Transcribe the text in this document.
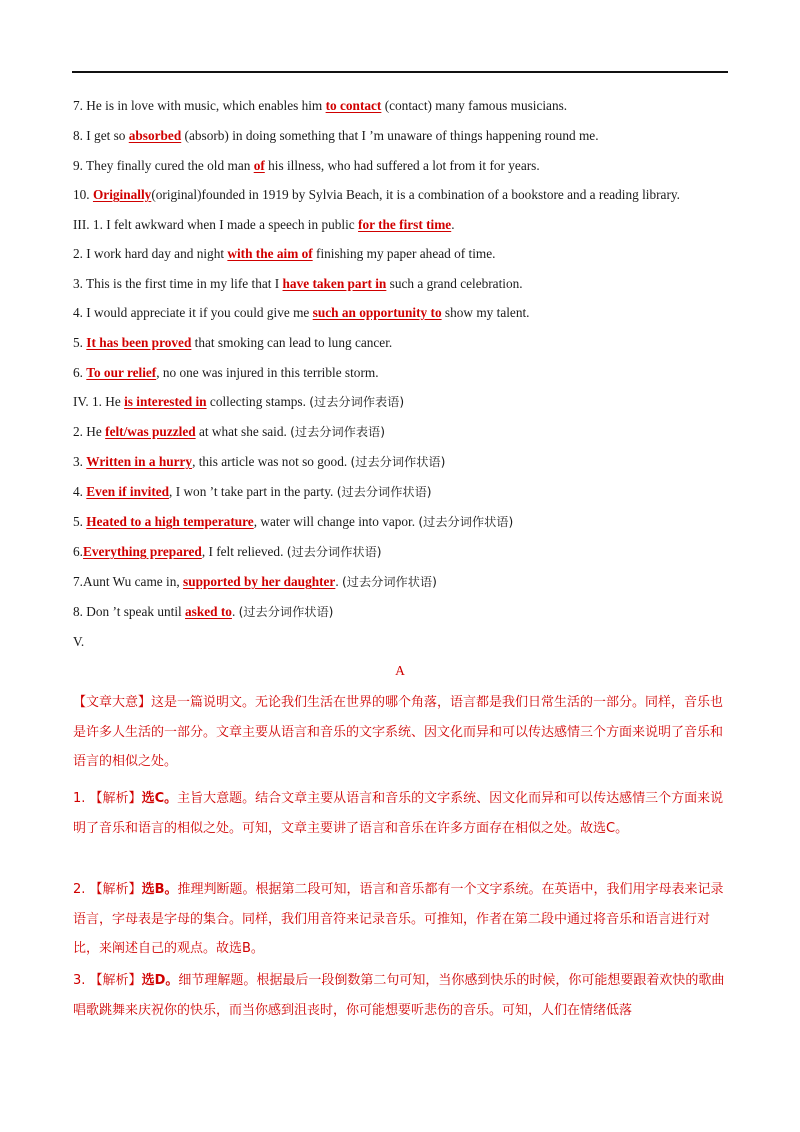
7. He is in love with music, which enables him to contact (contact) many famous musicians.
8. I get so absorbed (absorb) in doing something that I ’m unaware of things happening round me.
9. They finally cured the old man of his illness, who had suffered a lot from it for years.
10. Originally(original)founded in 1919 by Sylvia Beach, it is a combination of a bookstore and a reading library.
III. 1. I felt awkward when I made a speech in public for the first time.
2. I work hard day and night with the aim of finishing my paper ahead of time.
3. This is the first time in my life that I have taken part in such a grand celebration.
4. I would appreciate it if you could give me such an opportunity to show my talent.
5. It has been proved that smoking can lead to lung cancer.
6. To our relief, no one was injured in this terrible storm.
IV. 1. He is interested in collecting stamps. (过去分词作表语)
2. He felt/was puzzled at what she said. (过去分词作表语)
3. Written in a hurry, this article was not so good. (过去分词作状语)
4. Even if invited, I won ’t take part in the party. (过去分词作状语)
5. Heated to a high temperature, water will change into vapor. (过去分词作状语)
6.Everything prepared, I felt relieved. (过去分词作状语)
7.Aunt Wu came in, supported by her daughter. (过去分词作状语)
8. Don ’t speak until asked to. (过去分词作状语)
V.
A
【文章大意】这是一篇说明文。无论我们生活在世界的哪个角落，语言都是我们日常生活的一部分。同样，音乐也是许多人生活的一部分。文章主要从语言和音乐的文字系统、因文化而异和可以传达感情三个方面来说明了音乐和语言的相似之处。
1. 【解析】选C。主旨大意题。结合文章主要从语言和音乐的文字系统、因文化而异和可以传达感情三个方面来说明了音乐和语言的相似之处。可知，文章主要讲了语言和音乐在许多方面存在相似之处。故选C。
2. 【解析】选B。推理判断题。根据第二段可知，语言和音乐都有一个文字系统。在英语中，我们用字母表来记录语言，字母表是字母的集合。同样，我们用音符来记录音乐。可推知，作者在第二段中通过将音乐和语言进行对比，来阐述自己的观点。故选B。
3. 【解析】选D。细节理解题。根据最后一段倒数第二句可知，当你感到快乐的时候，你可能想要跟着欢快的歌曲唱歌跳舞来庆祝你的快乐，而当你感到沮丧时，你可能想要听悲伤的音乐。可知，人们在情绪低落
